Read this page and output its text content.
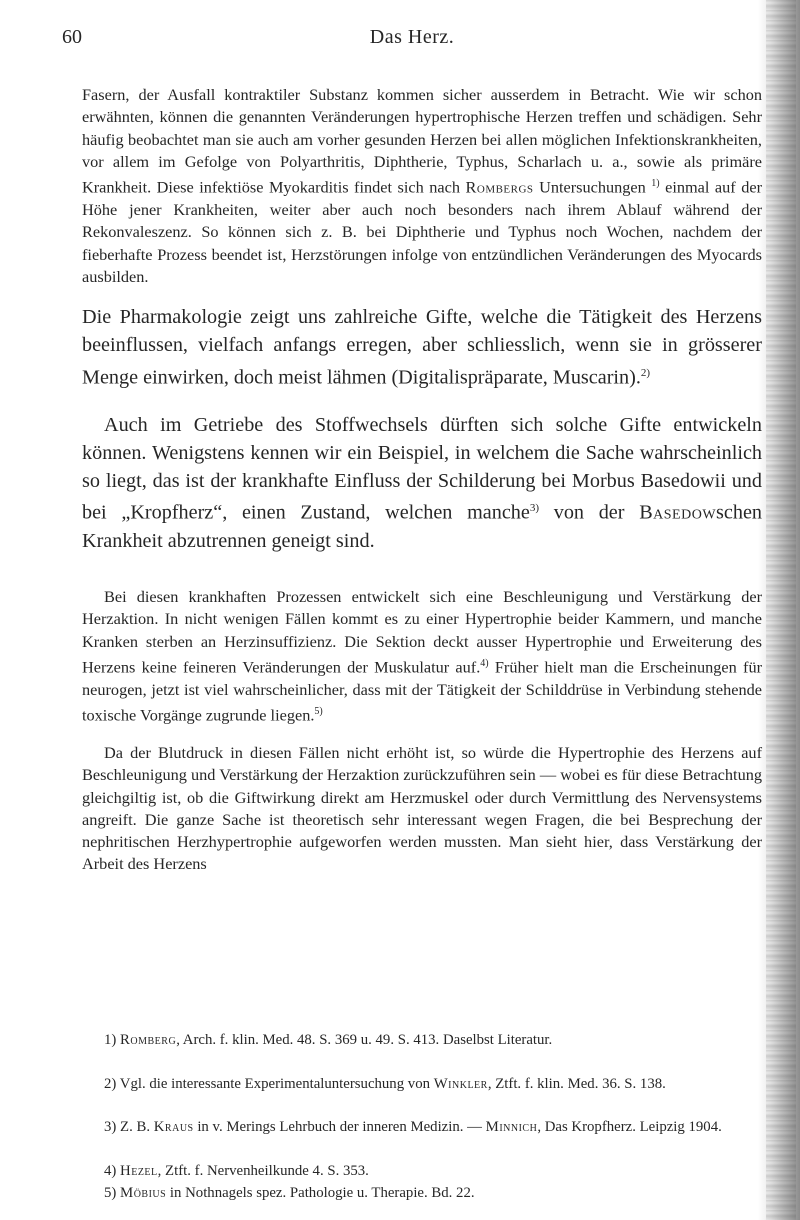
60	Das Herz.

Fasern, der Ausfall kontraktiler Substanz kommen sicher ausserdem in Betracht. Wie wir schon erwähnten, können die genannten Veränderungen hypertrophische Herzen treffen und schädigen. Sehr häufig beobachtet man sie auch am vorher gesunden Herzen bei allen möglichen Infektionskrankheiten, vor allem im Gefolge von Polyarthritis, Diphtherie, Typhus, Scharlach u. a., sowie als primäre Krankheit. Diese infektiöse Myokarditis findet sich nach Rombergs Untersuchungen $^{1)}$ einmal auf der Höhe jener Krankheiten, weiter aber auch noch besonders nach ihrem Ablauf während der Rekonvaleszenz. So können sich z. B. bei Diphtherie und Typhus noch Wochen, nachdem der fieberhafte Prozess beendet ist, Herzstörungen infolge von entzündlichen Veränderungen des Myocards ausbilden.

Die Pharmakologie zeigt uns zahlreiche Gifte, welche die Tätigkeit des Herzens beeinflussen, vielfach anfangs erregen, aber schliesslich, wenn sie in grösserer Menge einwirken, doch meist lähmen (Digitalispräparate, Muscarin).$^{2)}$

Auch im Getriebe des Stoffwechsels dürften sich solche Gifte entwickeln können. Wenigstens kennen wir ein Beispiel, in welchem die Sache wahrscheinlich so liegt, das ist der krankhafte Einfluss der Schilderung bei Morbus Basedowii und bei „Kropfherz“, einen Zustand, welchen manche$^{3)}$ von der Basedowschen Krankheit abzutrennen geneigt sind.

Bei diesen krankhaften Prozessen entwickelt sich eine Beschleunigung und Verstärkung der Herzaktion. In nicht wenigen Fällen kommt es zu einer Hypertrophie beider Kammern, und manche Kranken sterben an Herzinsuffizienz. Die Sektion deckt ausser Hypertrophie und Erweiterung des Herzens keine feineren Veränderungen der Muskulatur auf.$^{4)}$ Früher hielt man die Erscheinungen für neurogen, jetzt ist viel wahrscheinlicher, dass mit der Tätigkeit der Schilddrüse in Verbindung stehende toxische Vorgänge zugrunde liegen.$^{5)}$

Da der Blutdruck in diesen Fällen nicht erhöht ist, so würde die Hypertrophie des Herzens auf Beschleunigung und Verstärkung der Herzaktion zurückzuführen sein — wobei es für diese Betrachtung gleichgiltig ist, ob die Giftwirkung direkt am Herzmuskel oder durch Vermittlung des Nervensystems angreift. Die ganze Sache ist theoretisch sehr interessant wegen Fragen, die bei Besprechung der nephritischen Herzhypertrophie aufgeworfen werden mussten. Man sieht hier, dass Verstärkung der Arbeit des Herzens

1) Romberg, Arch. f. klin. Med. 48. S. 369 u. 49. S. 413. Daselbst Literatur.

2) Vgl. die interessante Experimentaluntersuchung von Winkler, Ztft. f. klin. Med. 36. S. 138.

3) Z. B. Kraus in v. Merings Lehrbuch der inneren Medizin. — Minnich, Das Kropfherz. Leipzig 1904.

4) Hezel, Ztft. f. Nervenheilkunde 4. S. 353.

5) Möbius in Nothnagels spez. Pathologie u. Therapie. Bd. 22.
